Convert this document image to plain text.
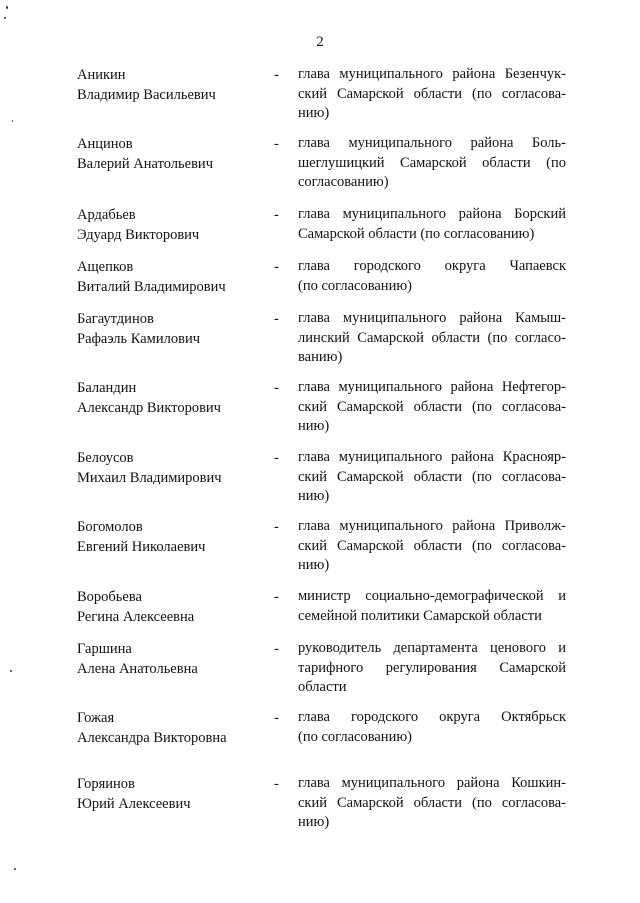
2
Аникин
Владимир Васильевич
- глава муниципального района Безенчук-
ский Самарской области (по согласова-
нию)
Анцинов
Валерий Анатольевич
- глава муниципального района Боль-
шеглушицкий Самарской области (по
согласованию)
Ардабьев
Эдуард Викторович
- глава муниципального района Борский
Самарской области (по согласованию)
Ащепков
Виталий Владимирович
- глава городского округа Чапаевск
(по согласованию)
Багаутдинов
Рафаэль Камилович
- глава муниципального района Камыш-
линский Самарской области (по согласо-
ванию)
Баландин
Александр Викторович
- глава муниципального района Нефтегор-
ский Самарской области (по согласова-
нию)
Белоусов
Михаил Владимирович
- глава муниципального района Краснояр-
ский Самарской области (по согласова-
нию)
Богомолов
Евгений Николаевич
- глава муниципального района Приволж-
ский Самарской области (по согласова-
нию)
Воробьева
Регина Алексеевна
- министр социально-демографической и
семейной политики Самарской области
Гаршина
Алена Анатольевна
- руководитель департамента ценового и
тарифного регулирования Самарской
области
Гожая
Александра Викторовна
- глава городского округа Октябрьск
(по согласованию)
Горяинов
Юрий Алексеевич
- глава муниципального района Кошкин-
ский Самарской области (по согласова-
нию)
